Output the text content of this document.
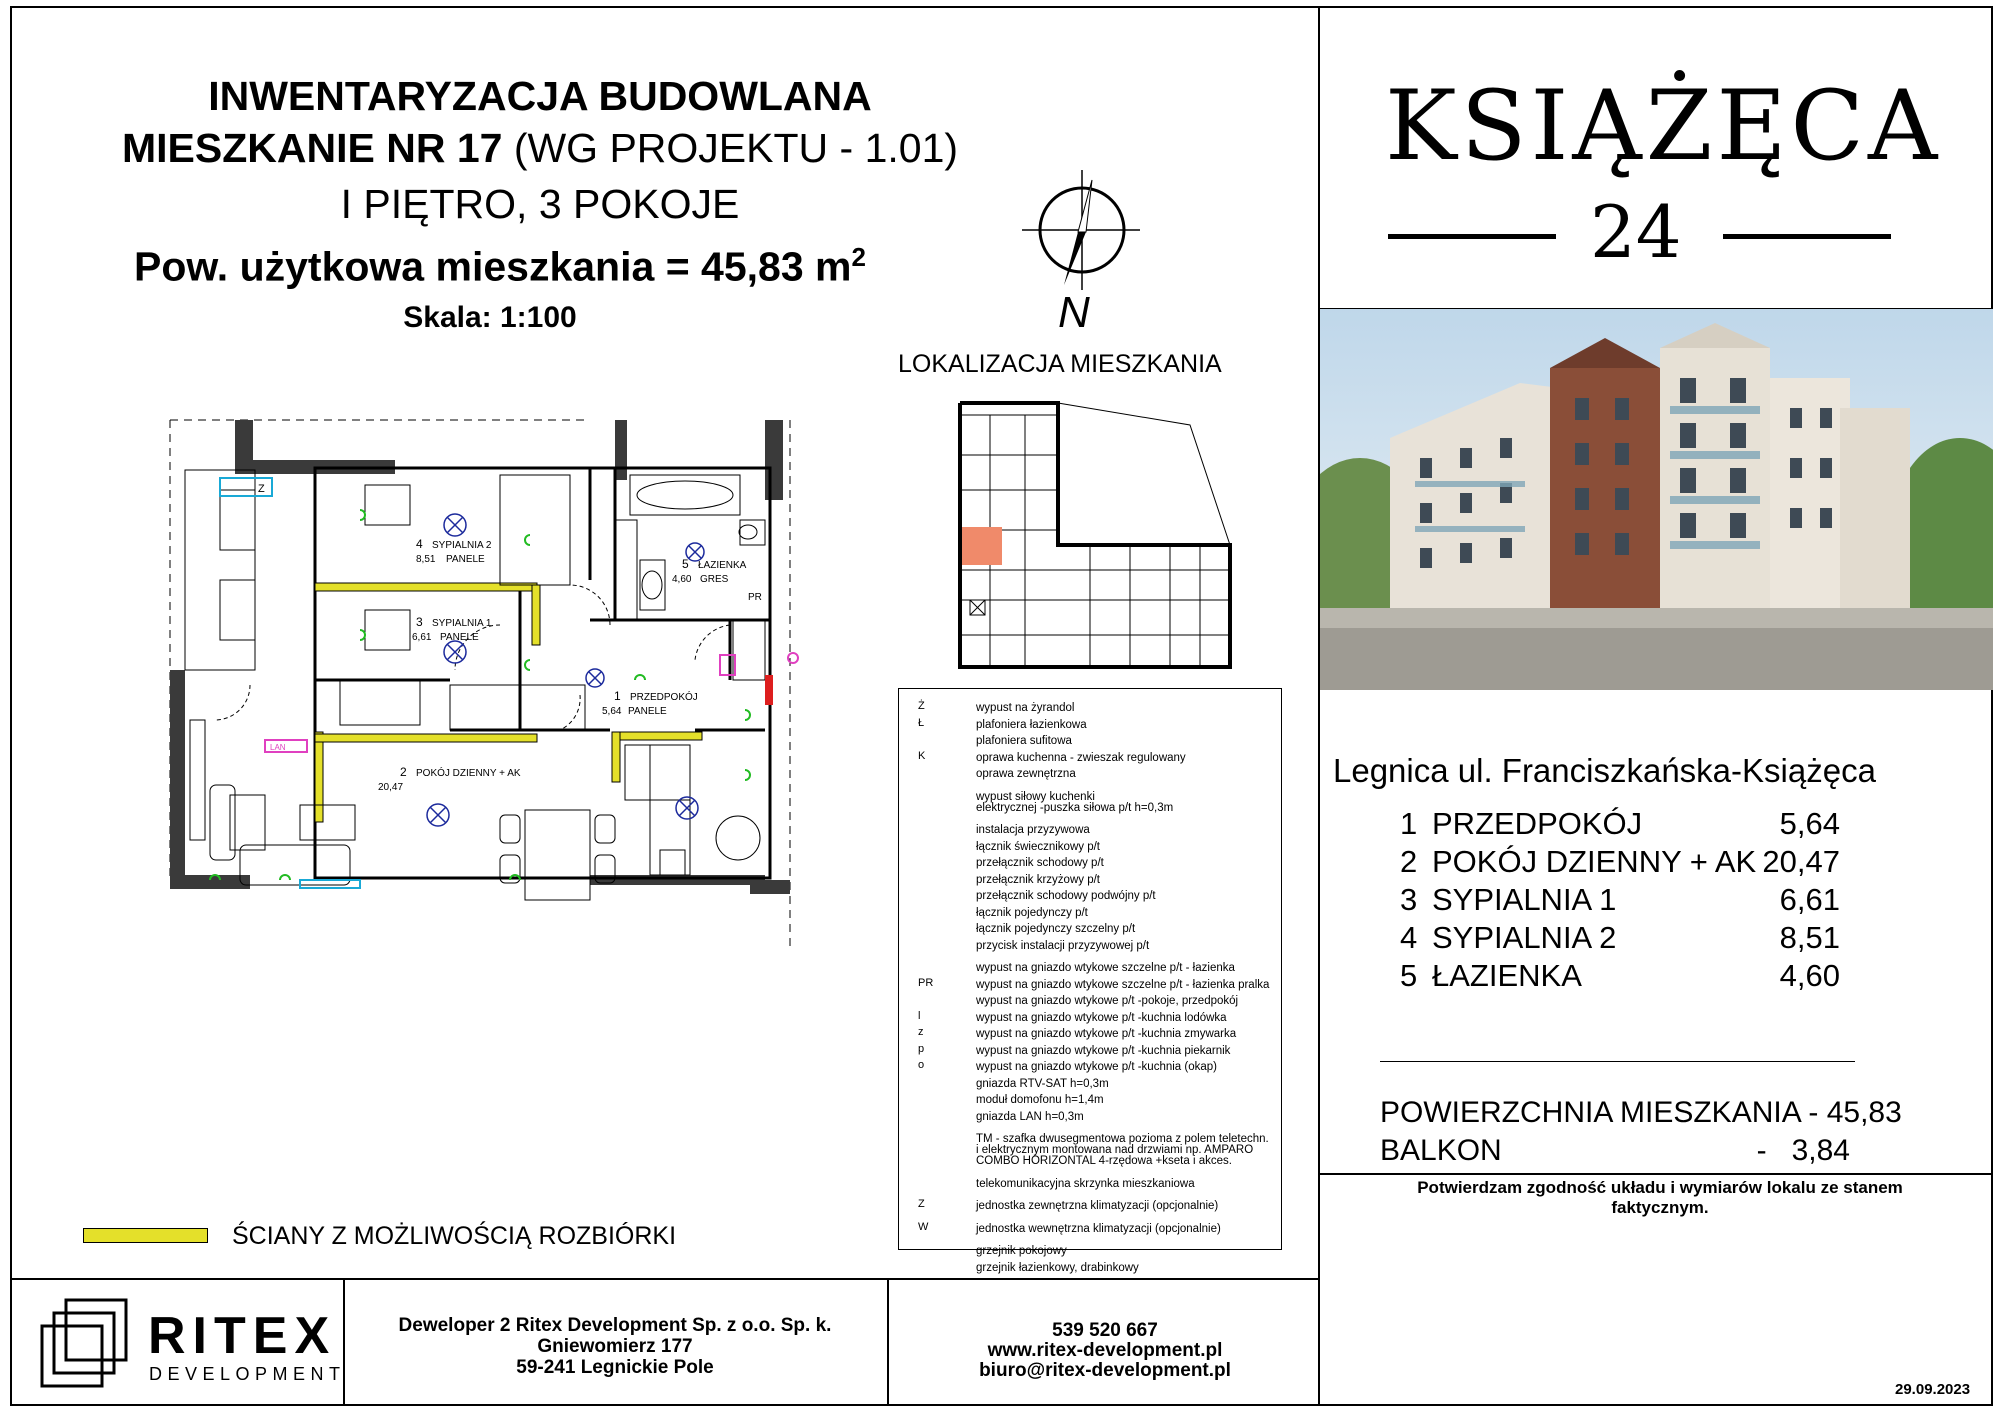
INWENTARYZACJA BUDOWLANA
MIESZKANIE NR 17 (WG PROJEKTU - 1.01)
I PIĘTRO, 3 POKOJE
Pow. użytkowa mieszkania = 45,83 $m^2$
Skala: 1:100	N
LOKALIZACJA MIESZKANIA
Z
LAN
4 SYPIALNIA 2
8,51 PANELE
3 SYPIALNIA 1
6,61 PANELE
5 ŁAZIENKA
4,60 GRES
PR
1 PRZEDPOKÓJ
5,64 PANELE
2 POKÓJ DZIENNY + AK
20,47
ŚCIANY Z MOŻLIWOŚCIĄ ROZBIÓRKI
Ż	wypust na żyrandol
Ł	plafoniera łazienkowa
plafoniera sufitowa
K	oprawa kuchenna - zwieszak regulowany
oprawa zewnętrzna
wypust siłowy kuchenki
elektrycznej -puszka siłowa p/t h=0,3m
instalacja przyzywowa
łącznik świecznikowy p/t
przełącznik schodowy p/t
przełącznik krzyżowy p/t
przełącznik schodowy podwójny p/t
łącznik pojedynczy p/t
łącznik pojedynczy szczelny p/t
przycisk instalacji przyzywowej p/t
wypust na gniazdo wtykowe szczelne p/t - łazienka
PR	wypust na gniazdo wtykowe szczelne p/t - łazienka pralka
wypust na gniazdo wtykowe p/t -pokoje, przedpokój
l	wypust na gniazdo wtykowe p/t -kuchnia lodówka
z	wypust na gniazdo wtykowe p/t -kuchnia zmywarka
p	wypust na gniazdo wtykowe p/t -kuchnia piekarnik
o	wypust na gniazdo wtykowe p/t -kuchnia (okap)
gniazda RTV-SAT h=0,3m
moduł domofonu h=1,4m
gniazda LAN h=0,3m
TM - szafka dwusegmentowa pozioma z polem teletechn.
i elektrycznym montowana nad drzwiami np. AMPARO
COMBO HORIZONTAL 4-rzędowa +kseta i akces.
telekomunikacyjna skrzynka mieszkaniowa
Z	jednostka zewnętrzna klimatyzacji (opcjonalnie)
W	jednostka wewnętrzna klimatyzacji (opcjonalnie)
grzejnik pokojowy
grzejnik łazienkowy, drabinkowy
KSIĄŻĘCA
24
Legnica ul. Franciszkańska-Książęca
1 PRZEDPOKÓJ	5,64
2 POKÓJ DZIENNY + AK 20,47
3 SYPIALNIA 1	6,61
4 SYPIALNIA 2	8,51
5 ŁAZIENKA	4,60
POWIERZCHNIA MIESZKANIA - 45,83
BALKON	-   3,84
Potwierdzam zgodność układu i wymiarów lokalu ze stanem faktycznym.
RITEX
DEVELOPMENT
Deweloper 2 Ritex Development Sp. z o.o. Sp. k.
Gniewomierz 177
59-241 Legnickie Pole
539 520 667
www.ritex-development.pl
biuro@ritex-development.pl
29.09.2023
